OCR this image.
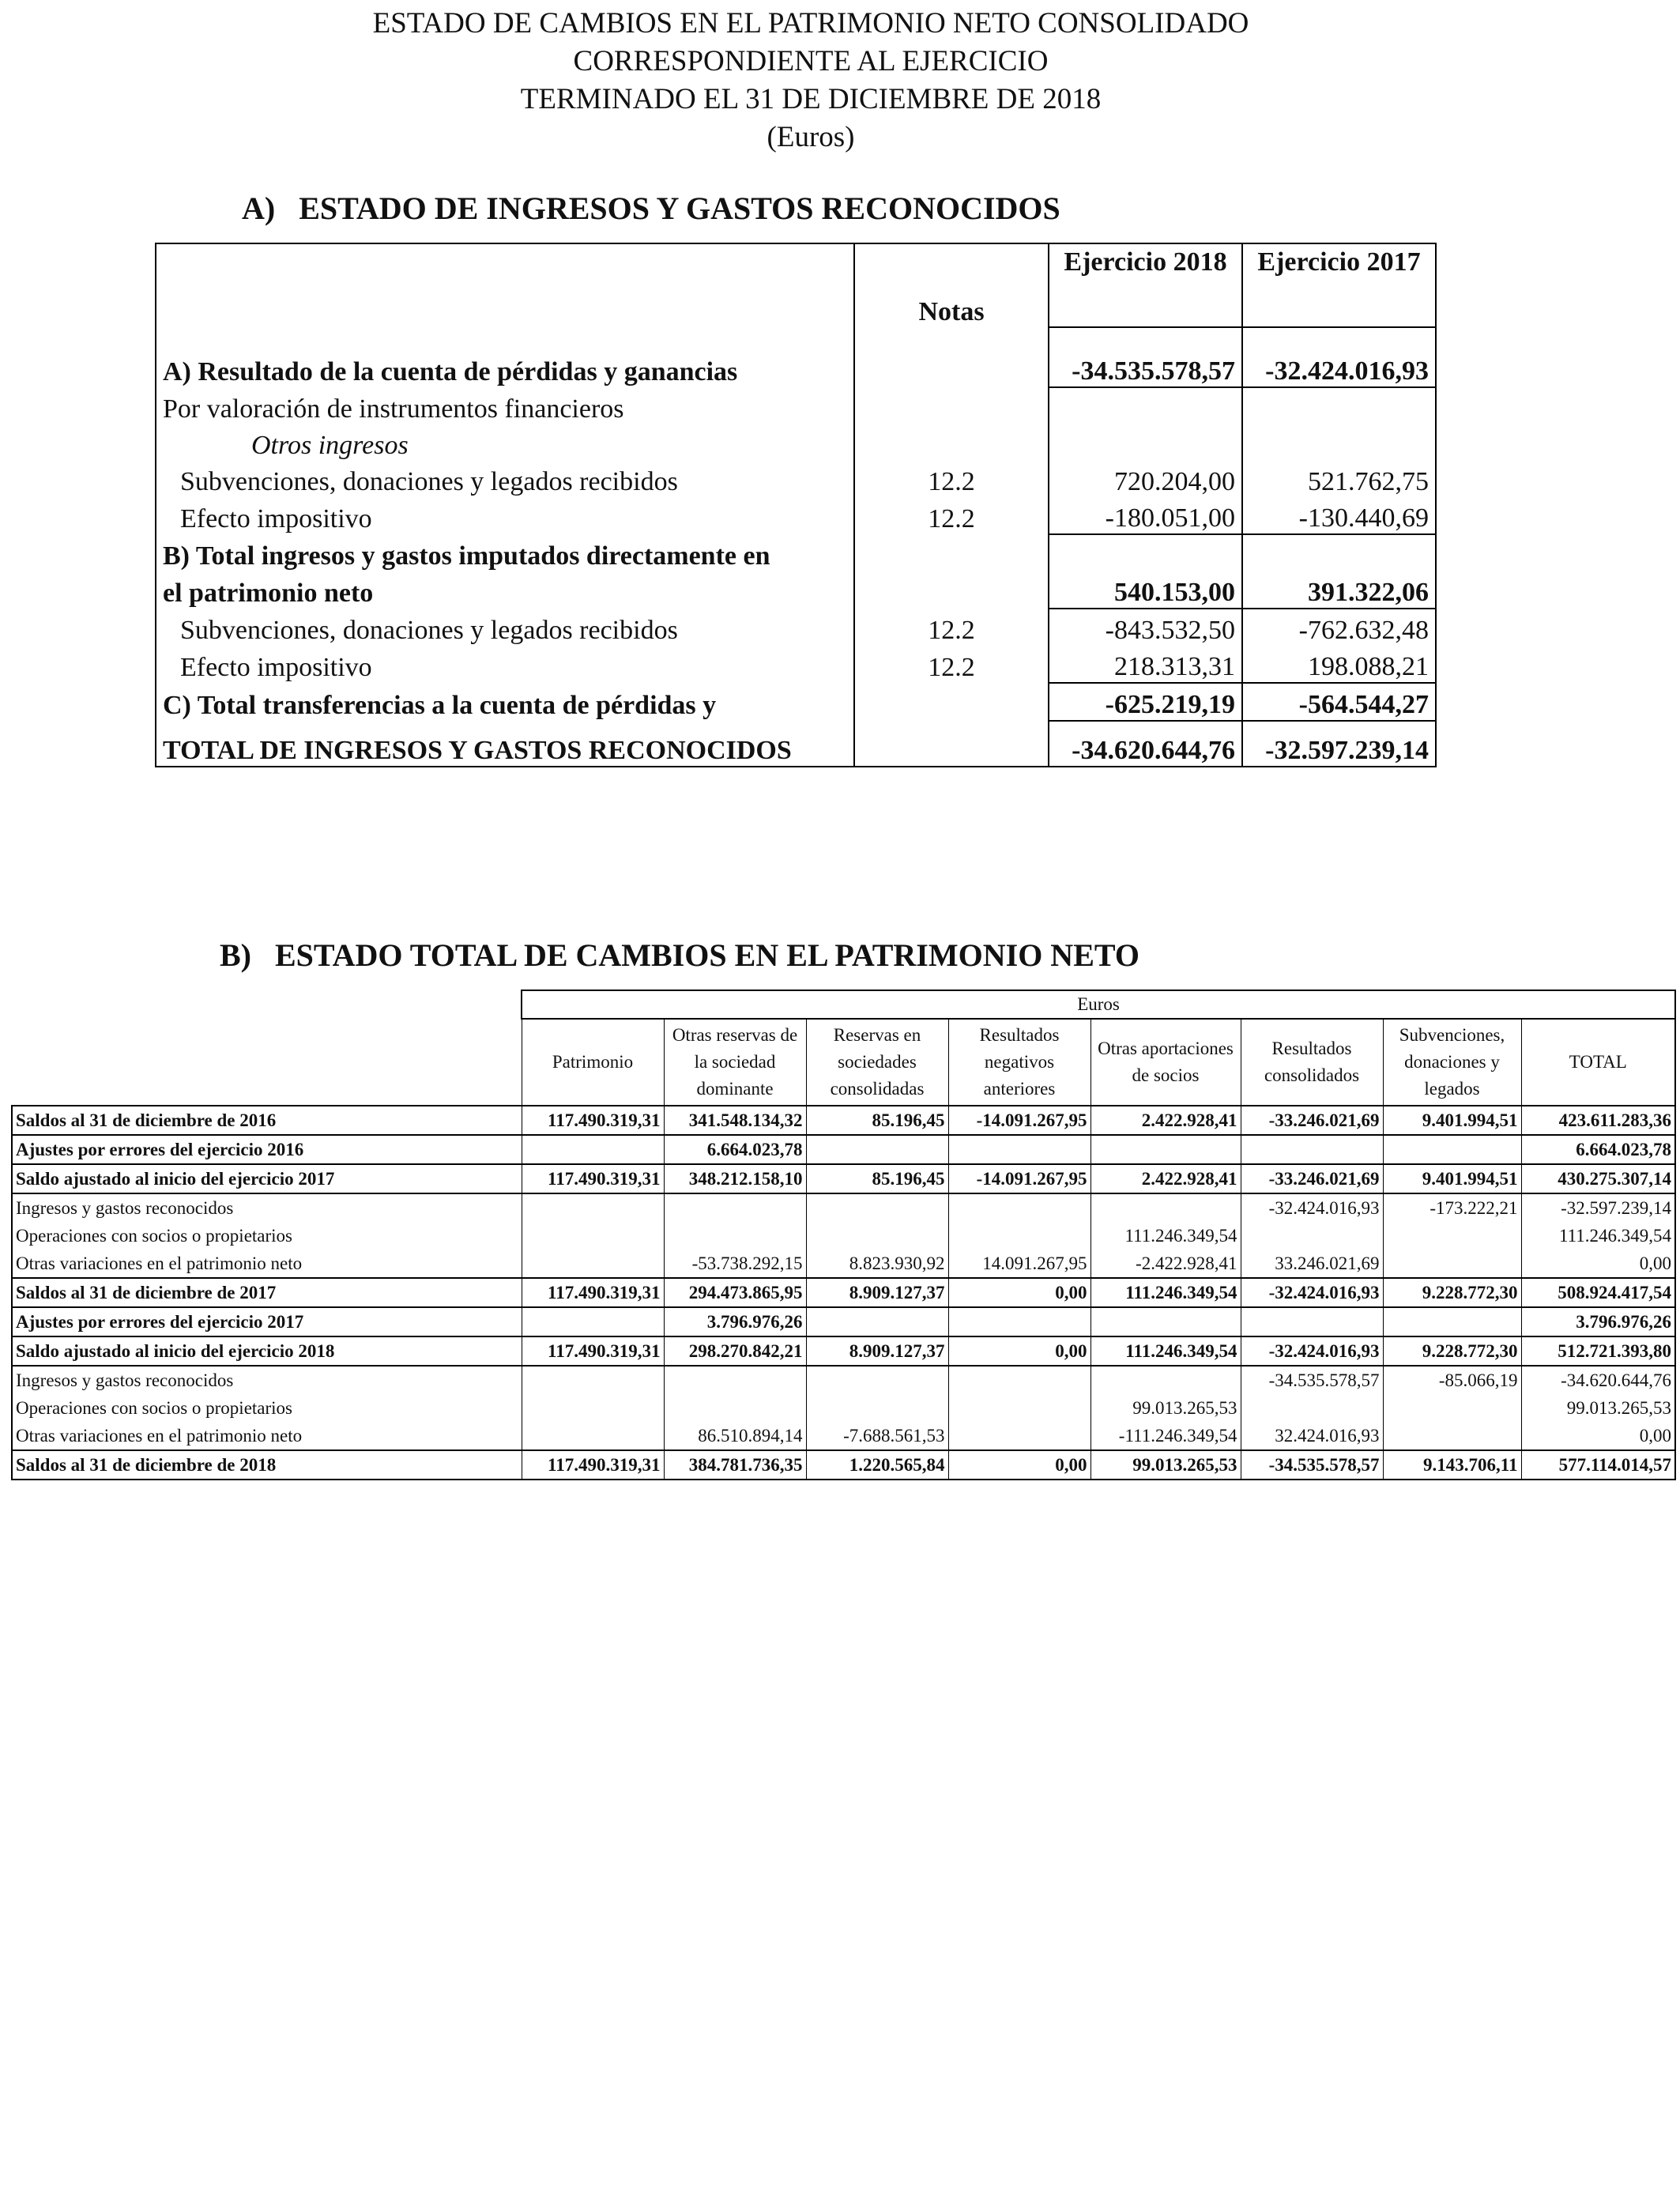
ESTADO DE CAMBIOS EN EL PATRIMONIO NETO CONSOLIDADO
CORRESPONDIENTE AL EJERCICIO
TERMINADO EL 31 DE DICIEMBRE DE 2018
(Euros)
A)   ESTADO DE INGRESOS Y GASTOS RECONOCIDOS
	Notas	Ejercicio 2018	Ejercicio 2017

A) Resultado de la cuenta de pérdidas y ganancias		-34.535.578,57	-32.424.016,93
Por valoración de instrumentos financieros			
Otros ingresos			
Subvenciones, donaciones y legados recibidos	12.2	720.204,00	521.762,75
Efecto impositivo	12.2	-180.051,00	-130.440,69
B) Total ingresos y gastos imputados directamente en			
el patrimonio neto		540.153,00	391.322,06
Subvenciones, donaciones y legados recibidos	12.2	-843.532,50	-762.632,48
Efecto impositivo	12.2	218.313,31	198.088,21
C) Total transferencias a la cuenta de pérdidas y		-625.219,19	-564.544,27
TOTAL DE INGRESOS Y GASTOS RECONOCIDOS		-34.620.644,76	-32.597.239,14
B)   ESTADO TOTAL DE CAMBIOS EN EL PATRIMONIO NETO
	Euros							
	Patrimonio	Otras reservas de la sociedad dominante	Reservas en sociedades consolidadas	Resultados negativos anteriores	Otras aportaciones de socios	Resultados consolidados	Subvenciones, donaciones y legados	TOTAL
Saldos al 31 de diciembre de 2016	117.490.319,31	341.548.134,32	85.196,45	-14.091.267,95	2.422.928,41	-33.246.021,69	9.401.994,51	423.611.283,36
Ajustes por errores del ejercicio 2016		6.664.023,78						6.664.023,78
Saldo ajustado al inicio del ejercicio 2017	117.490.319,31	348.212.158,10	85.196,45	-14.091.267,95	2.422.928,41	-33.246.021,69	9.401.994,51	430.275.307,14
Ingresos y gastos reconocidos						-32.424.016,93	-173.222,21	-32.597.239,14
Operaciones con socios o propietarios					111.246.349,54			111.246.349,54
Otras variaciones en el patrimonio neto		-53.738.292,15	8.823.930,92	14.091.267,95	-2.422.928,41	33.246.021,69		0,00
Saldos al 31 de diciembre de 2017	117.490.319,31	294.473.865,95	8.909.127,37	0,00	111.246.349,54	-32.424.016,93	9.228.772,30	508.924.417,54
Ajustes por errores del ejercicio 2017		3.796.976,26						3.796.976,26
Saldo ajustado al inicio del ejercicio 2018	117.490.319,31	298.270.842,21	8.909.127,37	0,00	111.246.349,54	-32.424.016,93	9.228.772,30	512.721.393,80
Ingresos y gastos reconocidos						-34.535.578,57	-85.066,19	-34.620.644,76
Operaciones con socios o propietarios					99.013.265,53			99.013.265,53
Otras variaciones en el patrimonio neto		86.510.894,14	-7.688.561,53		-111.246.349,54	32.424.016,93		0,00
Saldos al 31 de diciembre de 2018	117.490.319,31	384.781.736,35	1.220.565,84	0,00	99.013.265,53	-34.535.578,57	9.143.706,11	577.114.014,57
